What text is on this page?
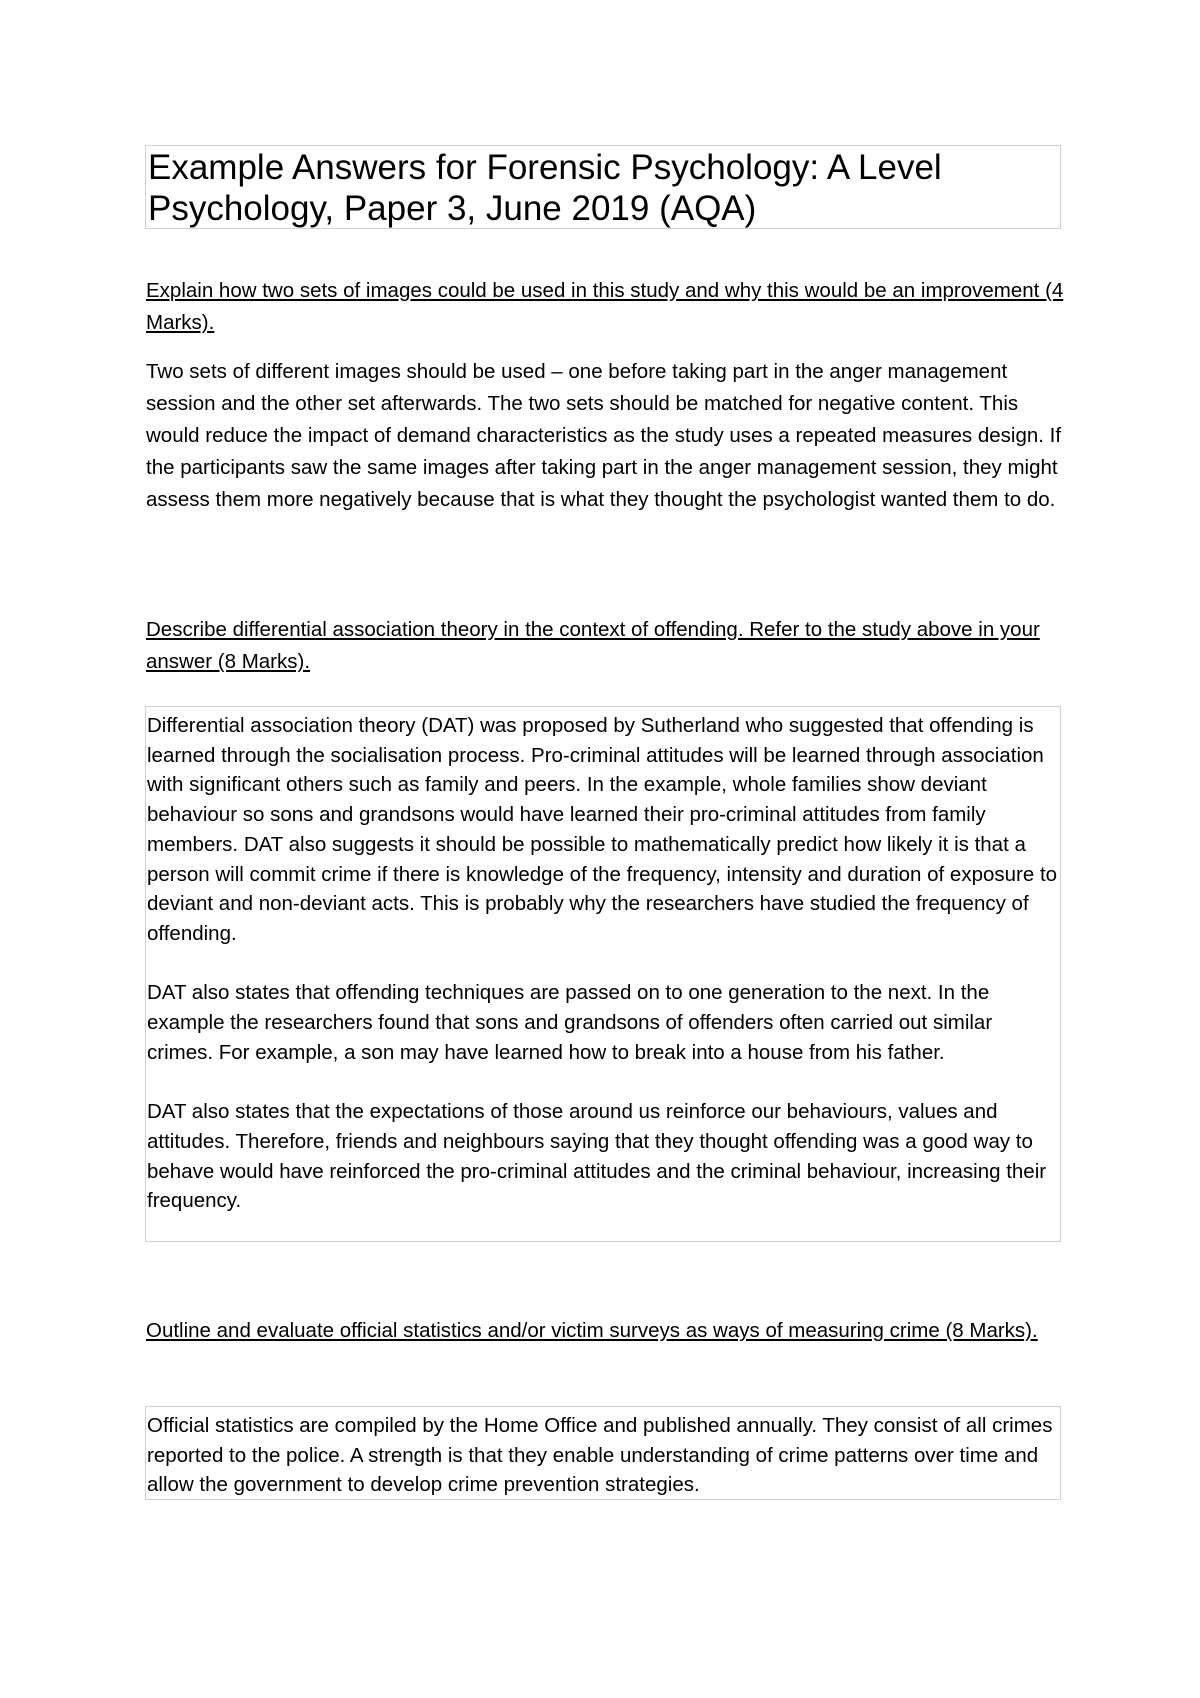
Example Answers for Forensic Psychology: A Level Psychology, Paper 3, June 2019 (AQA)

Explain how two sets of images could be used in this study and why this would be an improvement (4 Marks).

Two sets of different images should be used – one before taking part in the anger management session and the other set afterwards. The two sets should be matched for negative content. This would reduce the impact of demand characteristics as the study uses a repeated measures design. If the participants saw the same images after taking part in the anger management session, they might assess them more negatively because that is what they thought the psychologist wanted them to do.

Describe differential association theory in the context of offending. Refer to the study above in your answer (8 Marks).

Differential association theory (DAT) was proposed by Sutherland who suggested that offending is learned through the socialisation process. Pro-criminal attitudes will be learned through association with significant others such as family and peers. In the example, whole families show deviant behaviour so sons and grandsons would have learned their pro-criminal attitudes from family members. DAT also suggests it should be possible to mathematically predict how likely it is that a person will commit crime if there is knowledge of the frequency, intensity and duration of exposure to deviant and non-deviant acts. This is probably why the researchers have studied the frequency of offending.

DAT also states that offending techniques are passed on to one generation to the next. In the example the researchers found that sons and grandsons of offenders often carried out similar crimes. For example, a son may have learned how to break into a house from his father.

DAT also states that the expectations of those around us reinforce our behaviours, values and attitudes. Therefore, friends and neighbours saying that they thought offending was a good way to behave would have reinforced the pro-criminal attitudes and the criminal behaviour, increasing their frequency.

Outline and evaluate official statistics and/or victim surveys as ways of measuring crime (8 Marks).

Official statistics are compiled by the Home Office and published annually. They consist of all crimes reported to the police. A strength is that they enable understanding of crime patterns over time and allow the government to develop crime prevention strategies.
